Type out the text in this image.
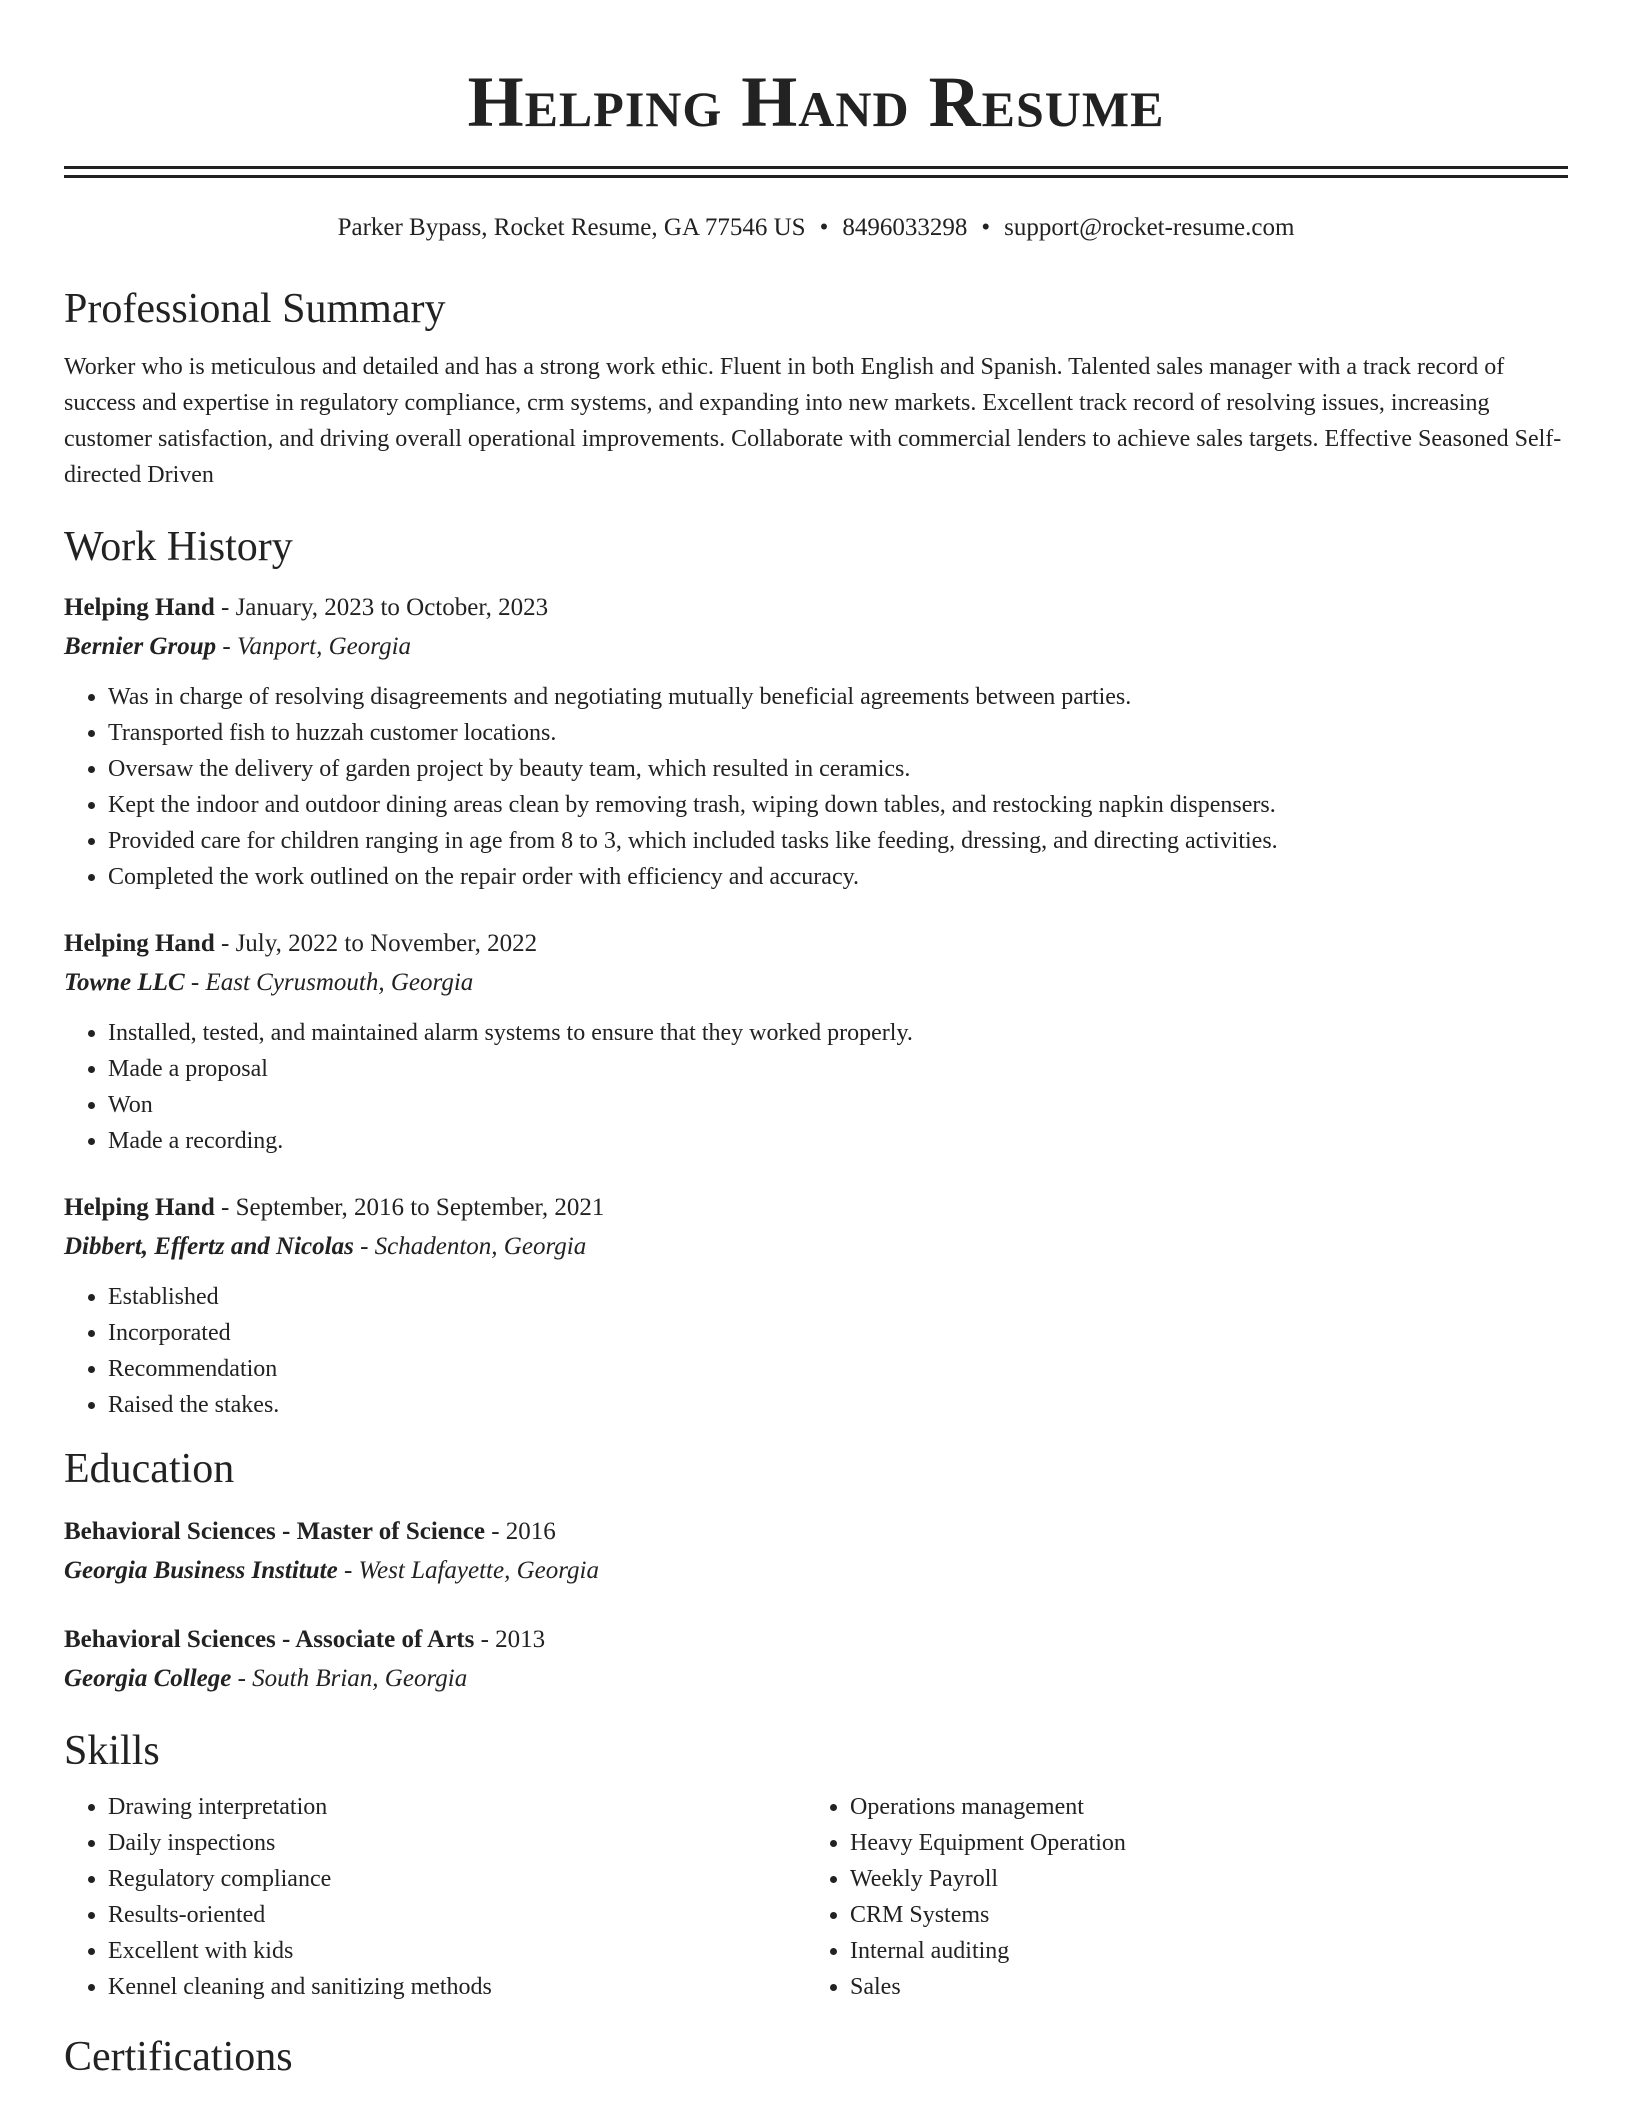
Helping Hand Resume
Parker Bypass, Rocket Resume, GA 77546 US • 8496033298 • support@rocket-resume.com
Professional Summary
Worker who is meticulous and detailed and has a strong work ethic. Fluent in both English and Spanish. Talented sales manager with a track record of success and expertise in regulatory compliance, crm systems, and expanding into new markets. Excellent track record of resolving issues, increasing customer satisfaction, and driving overall operational improvements. Collaborate with commercial lenders to achieve sales targets. Effective Seasoned Self-directed Driven
Work History
Helping Hand - January, 2023 to October, 2023
Bernier Group - Vanport, Georgia
• Was in charge of resolving disagreements and negotiating mutually beneficial agreements between parties.
• Transported fish to huzzah customer locations.
• Oversaw the delivery of garden project by beauty team, which resulted in ceramics.
• Kept the indoor and outdoor dining areas clean by removing trash, wiping down tables, and restocking napkin dispensers.
• Provided care for children ranging in age from 8 to 3, which included tasks like feeding, dressing, and directing activities.
• Completed the work outlined on the repair order with efficiency and accuracy.
Helping Hand - July, 2022 to November, 2022
Towne LLC - East Cyrusmouth, Georgia
• Installed, tested, and maintained alarm systems to ensure that they worked properly.
• Made a proposal
• Won
• Made a recording.
Helping Hand - September, 2016 to September, 2021
Dibbert, Effertz and Nicolas - Schadenton, Georgia
• Established
• Incorporated
• Recommendation
• Raised the stakes.
Education
Behavioral Sciences - Master of Science - 2016
Georgia Business Institute - West Lafayette, Georgia
Behavioral Sciences - Associate of Arts - 2013
Georgia College - South Brian, Georgia
Skills
• Drawing interpretation
• Daily inspections
• Regulatory compliance
• Results-oriented
• Excellent with kids
• Kennel cleaning and sanitizing methods
• Operations management
• Heavy Equipment Operation
• Weekly Payroll
• CRM Systems
• Internal auditing
• Sales
Certifications
